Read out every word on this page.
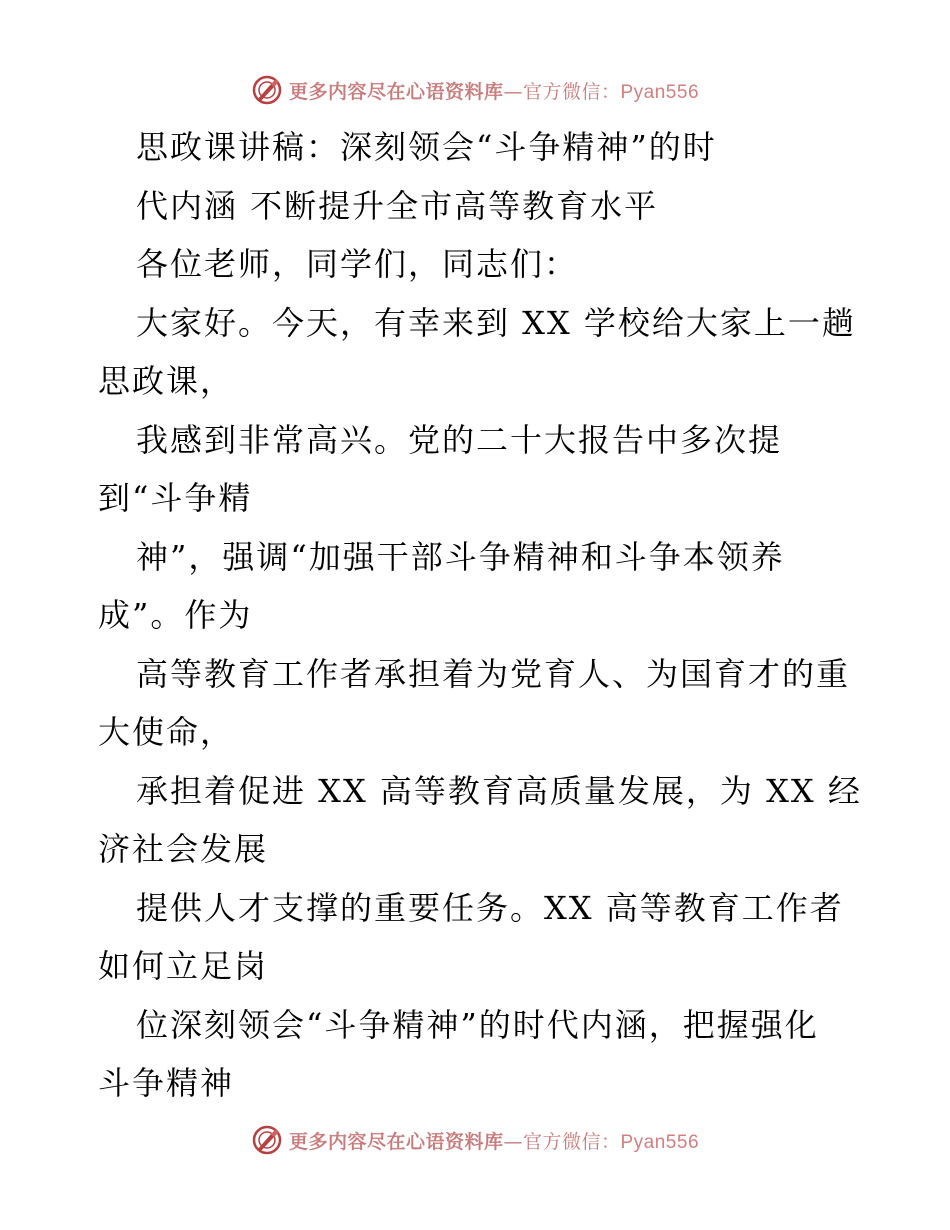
更多内容尽在心语资料库—官方微信：Pyan556
思政课讲稿：深刻领会“斗争精神”的时
代内涵 不断提升全市高等教育水平
各位老师，同学们，同志们：
大家好。今天，有幸来到 XX 学校给大家上一趟
思政课，
我感到非常高兴。党的二十大报告中多次提
到“斗争精
神”，强调“加强干部斗争精神和斗争本领养
成”。作为
高等教育工作者承担着为党育人、为国育才的重
大使命，
承担着促进 XX 高等教育高质量发展，为 XX 经
济社会发展
提供人才支撑的重要任务。XX 高等教育工作者
如何立足岗
位深刻领会“斗争精神”的时代内涵，把握强化
斗争精神
更多内容尽在心语资料库—官方微信：Pyan556
